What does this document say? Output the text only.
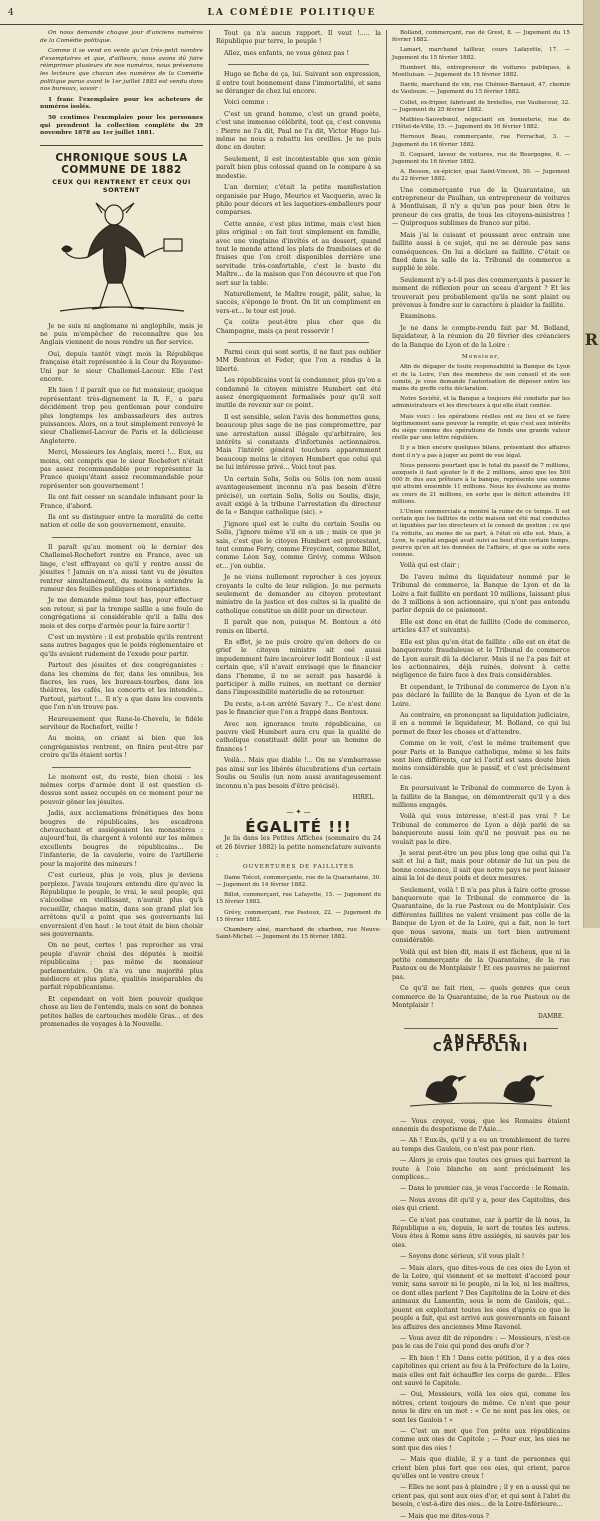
4	LA COMÉDIE POLITIQUE

On nous demande chaque jour d'anciens numéros de la Comédie politique.

Comme il se vend en vente qu'un très-petit nombre d'exemplaires et que, d'ailleurs, nous avons dû faire réimprimer plusieurs de nos numéros, nous prévenons les lecteurs que chacun des numéros de la Comédie politique parus avant le 1er juillet 1883 est vendu dans nos bureaux, savoir :

1 franc l'exemplaire pour les acheteurs de numéros isolés.

50 centimes l'exemplaire pour les personnes qui prendront la collection complète du 29 novembre 1878 au 1er juillet 1881.

CHRONIQUE SOUS LA COMMUNE DE 1882
CEUX QUI RENTRENT ET CEUX QUI SORTENT

Je ne suis ni anglomane ni anglophile, mais je ne puis m'empêcher de reconnaître que les Anglais viennent de nous rendre un fier service.

Oui, depuis tantôt vingt mois la République française était représentée à la Cour du Royaume-Uni par le sieur Challemel-Lacour. Elle l'est encore.

Eh bien ! il paraît que ce fut monsieur, quoique représentant très-dignement la R. F., a paru décidément trop peu gentleman pour conduire plus longtemps les ambassadeurs des autres puissances. Alors, on a tout simplement renvoyé le sieur Challemel-Lacour de Paris et la délicieuse Angleterre.

Merci, Messieurs les Anglais, merci !... Eux, au moins, ont compris que le sieur Rochefort n'était pas assez recommandable pour représenter la France quoiqu'étant assez recommandable pour représenter son gouvernement !

Ils ont fait cesser un scandale infamant pour la France, d'abord.

Ils ont su distinguer entre la moralité de cette nation et celle de son gouvernement, ensuite.

Il paraît qu'au moment où le dernier des Challemel-Rochefort rentre en France, avec un linge, c'est effrayant ce qu'il y rentre aussi de jésuites ! Jamais on n'a aussi tant vu de jésuites rentrer simultanément, du moins à entendre la rumeur des feuilles publiques et bonapartistes.

Je me demande même tout bas, pour effectuer son retour, si par la trempe saillie a une foule de congrégations si considérable qu'il a fallu des mois et des corps d'armée pour la faire sortir !

C'est un mystère : il est probable qu'ils rentrent sans autres bagages que le poids réglementaire et qu'ils avaient rudement de l'exode pour partir.

Partout des jésuites et des congréganistes : dans les chemins de fer, dans les omnibus, les fiacres, les rues, les bureaux-tourbes, dans les théâtres, les cafés, les concerts et les intendés... Partout, partout !... Il n'y a que dans les couvents que l'on n'en trouve pas.

Heureusement que Rane-le-Chevelu, le fidèle serviteur de Rochefort, veille !

Au moins, on criant si bien que les congréganistes rentrent, on finira peut-être par croire qu'ils étaient sortis !

Le moment est, du reste, bien choisi : les mêmes corps d'armée dont il est question ci-dessus sont assez occupés en ce moment pour ne pouvoir gêner les jésuites.

Jadis, aux acclamations frénétiques des bons bougres de républicains, les escadrons chevauchant et assiégeaient les monastères : aujourd'hui, ils chargent à volonté sur les mêmes excellents bougres de républicains... De l'infanterie, de la cavalerie, voire de l'artillerie pour la majorité des mineurs !

C'est curieux, plus je vois, plus je deviens perplexe. J'avais toujours entendu dire qu'avec la République le peuple, le vrai, le seul peuple, qui s'alcoolise en vieillissant, n'aurait plus qu'à recueillir, chaque matin, dans son grand plat les arrêtons qu'il a point que ses gouvernants lui enverraient d'en haut : le tout était de bien choisir ses gouvernants.

On ne peut, certes ! pas reprocher au vrai peuple d'avoir choisi des députés à moitié républicains ; pas même de monsieur parlementaire. On n'a vu une majorité plus médiocre et plus plate, qualités inséparables du parfait républicanisme.

Et cependant on voit bien pouvoir quelque chose au lieu de l'entendu, mais ce sont de bonnes petites balles de cartouches modèle Gras... et des promenades de voyages à la Nouvelle.

Tout ça n'a aucun rapport. Il veut !..... la République pur terre, le peuple !

Allez, mes enfants, ne vous gênez pas !

Hugo se fiche de ça, lui. Suivant son expression, il entre tout bonnement dans l'immortalité, et sans se déranger de chez lui encore.

Voici comme :

C'est un grand homme, c'est un grand poète, c'est une immense célébrité, tout ça, c'est convenu : Pierre ne l'a dit, Paul ne l'a dit, Victor Hugo lui-même ne nous a rebattu les oreilles. Je ne puis donc en douter.

Seulement, il est incontestable que son génie paraît bien plus colossal quand on le compare à sa modestie.

L'an dernier, c'était la petite manifestation organisée par Hugo, Meurice et Vacquerie, avec la philo pour décors et les laquetiers-emballeurs pour comparses.

Cette année, c'est plus intime, mais c'est bien plus original : on fait tout simplement en famille, avec une vingtaine d'invités et au dessert, quand tout le monde attend les plats de framboises et de fraises que l'on croit disponibles derrière une servitude très-confortable, c'est le buste du Maître... de la maison que l'on découvre et que l'on sert sur la table.

Naturellement, le Maître rougit, pâlit, salue, la succès, s'éponge le front. On lit un compliment en vers-et... le tour est joué.

Ça coûte peut-être plus cher que du Champagne, mais ça peut resservir !

Parmi ceux qui sont sortis, il ne faut pas oublier MM Bontoux et Feder, que l'on a rendus à la liberté.

Les républicains vont la condamner, plus qu'on a condamné le citoyen ministre Humbert ont été assez énergiquement formalisés pour qu'il soit inutile de revenir sur ce point.

Il est sensible, selon l'avis des hommettes gens, beaucoup plus sage de ne pas compromettre, par une arrestation aussi illégale qu'arbitraire, les intérêts si constants d'infortunés actionnaires. Mais l'intérêt général touchera apparemment beaucoup moins le citoyen Humbert que celui qui ne lui intéresse privé... Voici tout pas.

Un certain Solis, Solis ou Sólis (on nom aussi avantageusement inconnu n'a pas besoin d'être précisé), un certain Solis, Solis ou Soulis, disje, avait exigé à la tribune l'arrestation du directeur de la « Banque catholique (sic). »

J'ignore quel est le culte du certain Soulis ou Solis, j'ignore même s'il en a un ; mais ce que je sais, c'est que le citoyen Humbert est protestant, tout comme Ferry, comme Freycinet, comme Billot, comme Léon Say, comme Grévy, comme Wilson et... j'en oublie.

Je ne viens nullement reprocher à ces joyeux croyants le culte de leur religion. Je me permets seulement de demander au citoyen protestant ministre de la justice et des cultes si la qualité de catholique constitue un délit pour un directeur.

Il paraît que non, puisque M. Bontoux a été remis en liberté.

En effet, je ne puis croire qu'en dehors de ce grief le citoyen ministre ait osé aussi impudemment faire incarcérer ledit Bontoux : il est certain que, s'il n'avait envisagé que le financier dans l'homme, il ne se serait pas hasardé à participer à mille ruines, en mettant ce dernier dans l'impossibilité matérielle de se retourner.

Du reste, a-t-on arrêté Savary ?... Ce n'est donc pas le financier que l'on a frappé dans Bontoux.

Avec son ignorance toute républicaine, ce pauvre vieil Humbert aura cru que la qualité de catholique constituait délit pour un homme de finances !

Voilà... Mais que diable !... On ne s'embarrasse pas ainsi sur les libérés élucubrations d'un certain Soulis ou Soulis (un nom aussi avantageusement inconnu n'a pas besoin d'être précisé).

HIREL.
— ✦ —
ÉGALITÉ !!!

Je lis dans les Petites Affiches (sommaire du 24 et 26 février 1882) la petite nomenclature suivante :

OUVERTURES DE FAILLITES

Dame Tiécot, commerçante, rue de la Quarantaine, 30. — Jugement du 14 février 1882.

Billot, commerçant, rue Lafayette, 15. — Jugement du 15 février 1882.

Grévy, commerçant, rue Pastoux, 22. — Jugement du 15 février 1882.

Chambery aîné, marchand de charbon, rue Neuve-Saint-Michel. — Jugement du 15 février 1882.

Bolland, commerçant, rue de Grest, 8. — Jugement du 15 février 1882.

Lamart, marchand tailleur, cours Lafayette, 17. — Jugement du 15 février 1882.

Humbert fils, entrepreneur de voitures publiques, à Montluisan. — Jugement du 15 février 1882.

Darde, marchand de vin, rue Chénier-Barnaud, 47, chemin de Vaulouze. — Jugement du 15 février 1882.

Collet, ex-fripier, fabricant de bretelles, rue Vaubecour, 32. — Jugement du 25 février 1882.

Mathieu-Sauvebœuf, négociant en bonneterie, rue de l'Hôtel-de-Ville, 15. — Jugement du 16 février 1882.

Hernoux Beau, commerçante, rue Ferrachat, 3. — Jugement du 16 février 1882.

D. Coquard, laveur de voitures, rue de Bourgogne, 6. — Jugement du 16 février 1882.

A. Besson, ex-épicier, quai Saint-Vincent, 50. — Jugement du 22 février 1882.

Une commerçante rue de la Quarantaine, un entrepreneur de Paulhan, un entrepreneur de voitures à Montluisan, il n'y a qu'un pas pour bien être le preneur de ces gratis, de tous les citoyens-ministres ! — Quiproquos sublimes de franco sur pitié.

Mais j'ai le cuisant et poussant avec entrain une faillite aussi à ce sujet, qui ne se déroule pas sans conséquences. On lui a déclaré sa faillite. C'était ce fixed dans la salle de la. Tribunal de commerce a supplié le zèle.

Seulement n'y a-t-il pas des commerçants à passer le moment de réflexion pour un sceau d'argent ? Et les trouverait peu probablement qu'ils ne sont plaint ou prévenus à fondre sur le caractère à plaider la faillite.

Examinons.

Je ne dans le compte-rendu fait par M. Bolland, liquidateur, à la réunion du 20 février des créanciers de la Banque de Lyon et de la Loire :

Monsieur,

Afin de dégager de toute responsabilité la Banque de Lyon et de la Loire, l'un des membres de son conseil et de son comité, je vous demande l'autorisation de déposer entre les mains du greffe cette déclaration.

Notre Société, et la Banque a toujours été conduite par les administrateurs et les directeurs à qui elle était confiée.

Mais voici : les opérations réelles ont eu lieu et se faire légitimement sans pouvoir la remplir, et que c'est aux intérêts du siège comme des opérations de fonds une grande valeur réelle par une lettre régulière.

Il y a bien encore quelques bilans, présentant des affaires dont il n'y a pas à juger au point de vue légal.

Nous pensons pourtant que le total du passif de 7 millions, auxquels il faut ajouter le 8 de 2 millions, ainsi que les 500 000 fr. dus aux prêteurs à la banque, représente une somme qui atteint ensemble 11 millions. Nous les évaluons au moins au cours de 21 millions, en sorte que le déficit atteindra 10 millions.

L'Union commerciale a montré la ruine de ce temps. Il est certain que les faillites de cette maison ont été mal conduites et liquidées par les directeurs et le conseil de gestion ; ce qui l'a réduite, au moins de sa part, à l'état où elle est. Mais, à Lyon, le capital engagé avait suivi au bout d'un certain temps, pourvu qu'en ait les données de l'affaire, et que sa suite sera connue.

Voilà qui est clair ;

De l'aveu même du liquidateur nommé par le Tribunal de commerce, la Banque de Lyon et de la Loire a fait faillite en perdant 10 millions, laissant plus de 3 millions à son actionnaire, qui n'ont pas entendu parler depuis de ce paiement.

Elle est donc en état de faillite (Code de commerce, articles 437 et suivants).

Elle est plus qu'en état de faillite : elle est en état de banqueroute frauduleuse et le Tribunal de commerce de Lyon aurait dû la déclarer. Mais il ne l'a pas fait et les actionnaires, déjà ruinés, doivent à cette négligence de faire face à des frais considérables.

Et cependant, le Tribunal de commerce de Lyon n'a pas déclaré la faillite de la Banque de Lyon et de la Loire.

Au contraire, en prononçant sa liquidation judiciaire, il en a nommé le liquidateur, M. Bolland, ce qui lui permet de fixer les choses et d'attendre.

Comme on le voit, c'est le même traitement que pour Paris et la Banque catholique, même si les faits sont bien différents, car ici l'actif est sans doute bien moins considérable que le passif, et c'est précisément le cas.

En poursuivant le Tribunal de commerce de Lyon à la faillite de la Banque, on démontrerait qu'il y a des millions engagés.

Voilà qui vous intéresse, n'est-il pas vrai ? Le Tribunal de commerce de Lyon a déjà parlé de sa banqueroute aussi loin qu'il ne pouvait pas ou ne voulait pas le dire.

Je serai peut-être un peu plus long que celui qui l'a sait et lui a fait, mais pour obtenir de lui un peu de bonne conscience, il sait que notre pays ne peut laisser ainsi la loi de deux poids et deux mesures.

Seulement, voilà ! Il n'a pas plus à faire cette grosse banqueroute que le Tribunal de commerce de la Quarantaine, de la rue Pastoux ou de Montplaisir. Ces différentes faillites ne valent vraiment pas celle de la Banque de Lyon et de la Loire, qui a fait, non le tort que nous savons, mais un tort bien autrement considérable.

Voilà qui est bien dit, mais il est fâcheux, que ni la petite commerçante de la Quarantaine, de la rue Pastoux ou de Montplaisir ! Et ces pauvres ne paieront pas.

Ce qu'il ne fait rien, — quels genres que ceux commerce de la Quarantaine, de la rue Pastoux ou de Montplaisir !

DAMBE.
ANSERES CAPITOLINI

— Vous croyez, vous, que les Romains étaient ennemis du despotisme de l'Asie...

— Ah ! Eux-ils, qu'il y a eu un tremblement de terre au temps des Gaulois, ce n'est pas pour rien.

— Alors je crois que toutes ces grues qui barrent la route à l'oie blanche en sont précisément les complices...

— Dans le premier cas, je vous l'accorde : le Romain.

— Nous avons dit qu'il y a, pour des Capitolins, des oies qui crient.

— Ce n'est pas coutume, car à partir de là nous, la République a eu, depuis, le sort de toutes les autres. Vous êtes à Rome sans être assiégés, ni sauvés par les oies.

— Soyons donc sérieux, s'il vous plaît !

— Mais alors, que dites-vous de ces oies de Lyon et de la Loire, qui viennent et se mettent d'accord pour venir, sans savoir ni le peuple, ni la loi, ni les maîtres, ce dont elles parlent ? Des Capitolins de la Loire et des animaux du Lamentin, sous le nom de Gaulois, qui... jouent en exploitant toutes les oies d'après ce que le peuple a fait, qui est arrivé aux gouvernants en faisant les affaires des anciennes Mme Ravonel.

— Vous avez dit de répondre : — Messieurs, n'est-ce pas le cas de l'oie qui pond des œufs d'or ?

— Eh bien ! Eh ! Dans cette pétition, il y a des oies capitolines qui crient au feu à la Préfecture de la Loire, mais elles ont fait échauffer les corps de garde... Elles ont sauvé le Capitole.

— Oui, Messieurs, voilà les oies qui, comme les nôtres, crient toujours de même. Ce n'est que pour nous le dire en un mot : « Ce ne sont pas les oies, ce sont les Gaulois ! »

— C'est un mot que l'on prête aux républicains comme aux oies de Capitole ; — Pour eux, les oies ne sont que des oies !

— Mais que diable, il y a tant de personnes qui crient bien plus fort que ces oies, qui crient, parce qu'elles ont le ventre creux !

— Elles ne sont pas à plaindre ; il y en a aussi qui ne crient pas, qui sont aux oies d'or, et qui sont à l'abri du besoin, c'est-à-dire des oies... de la Loire-Inférieure...

— Mais que me dites-vous ?

R
